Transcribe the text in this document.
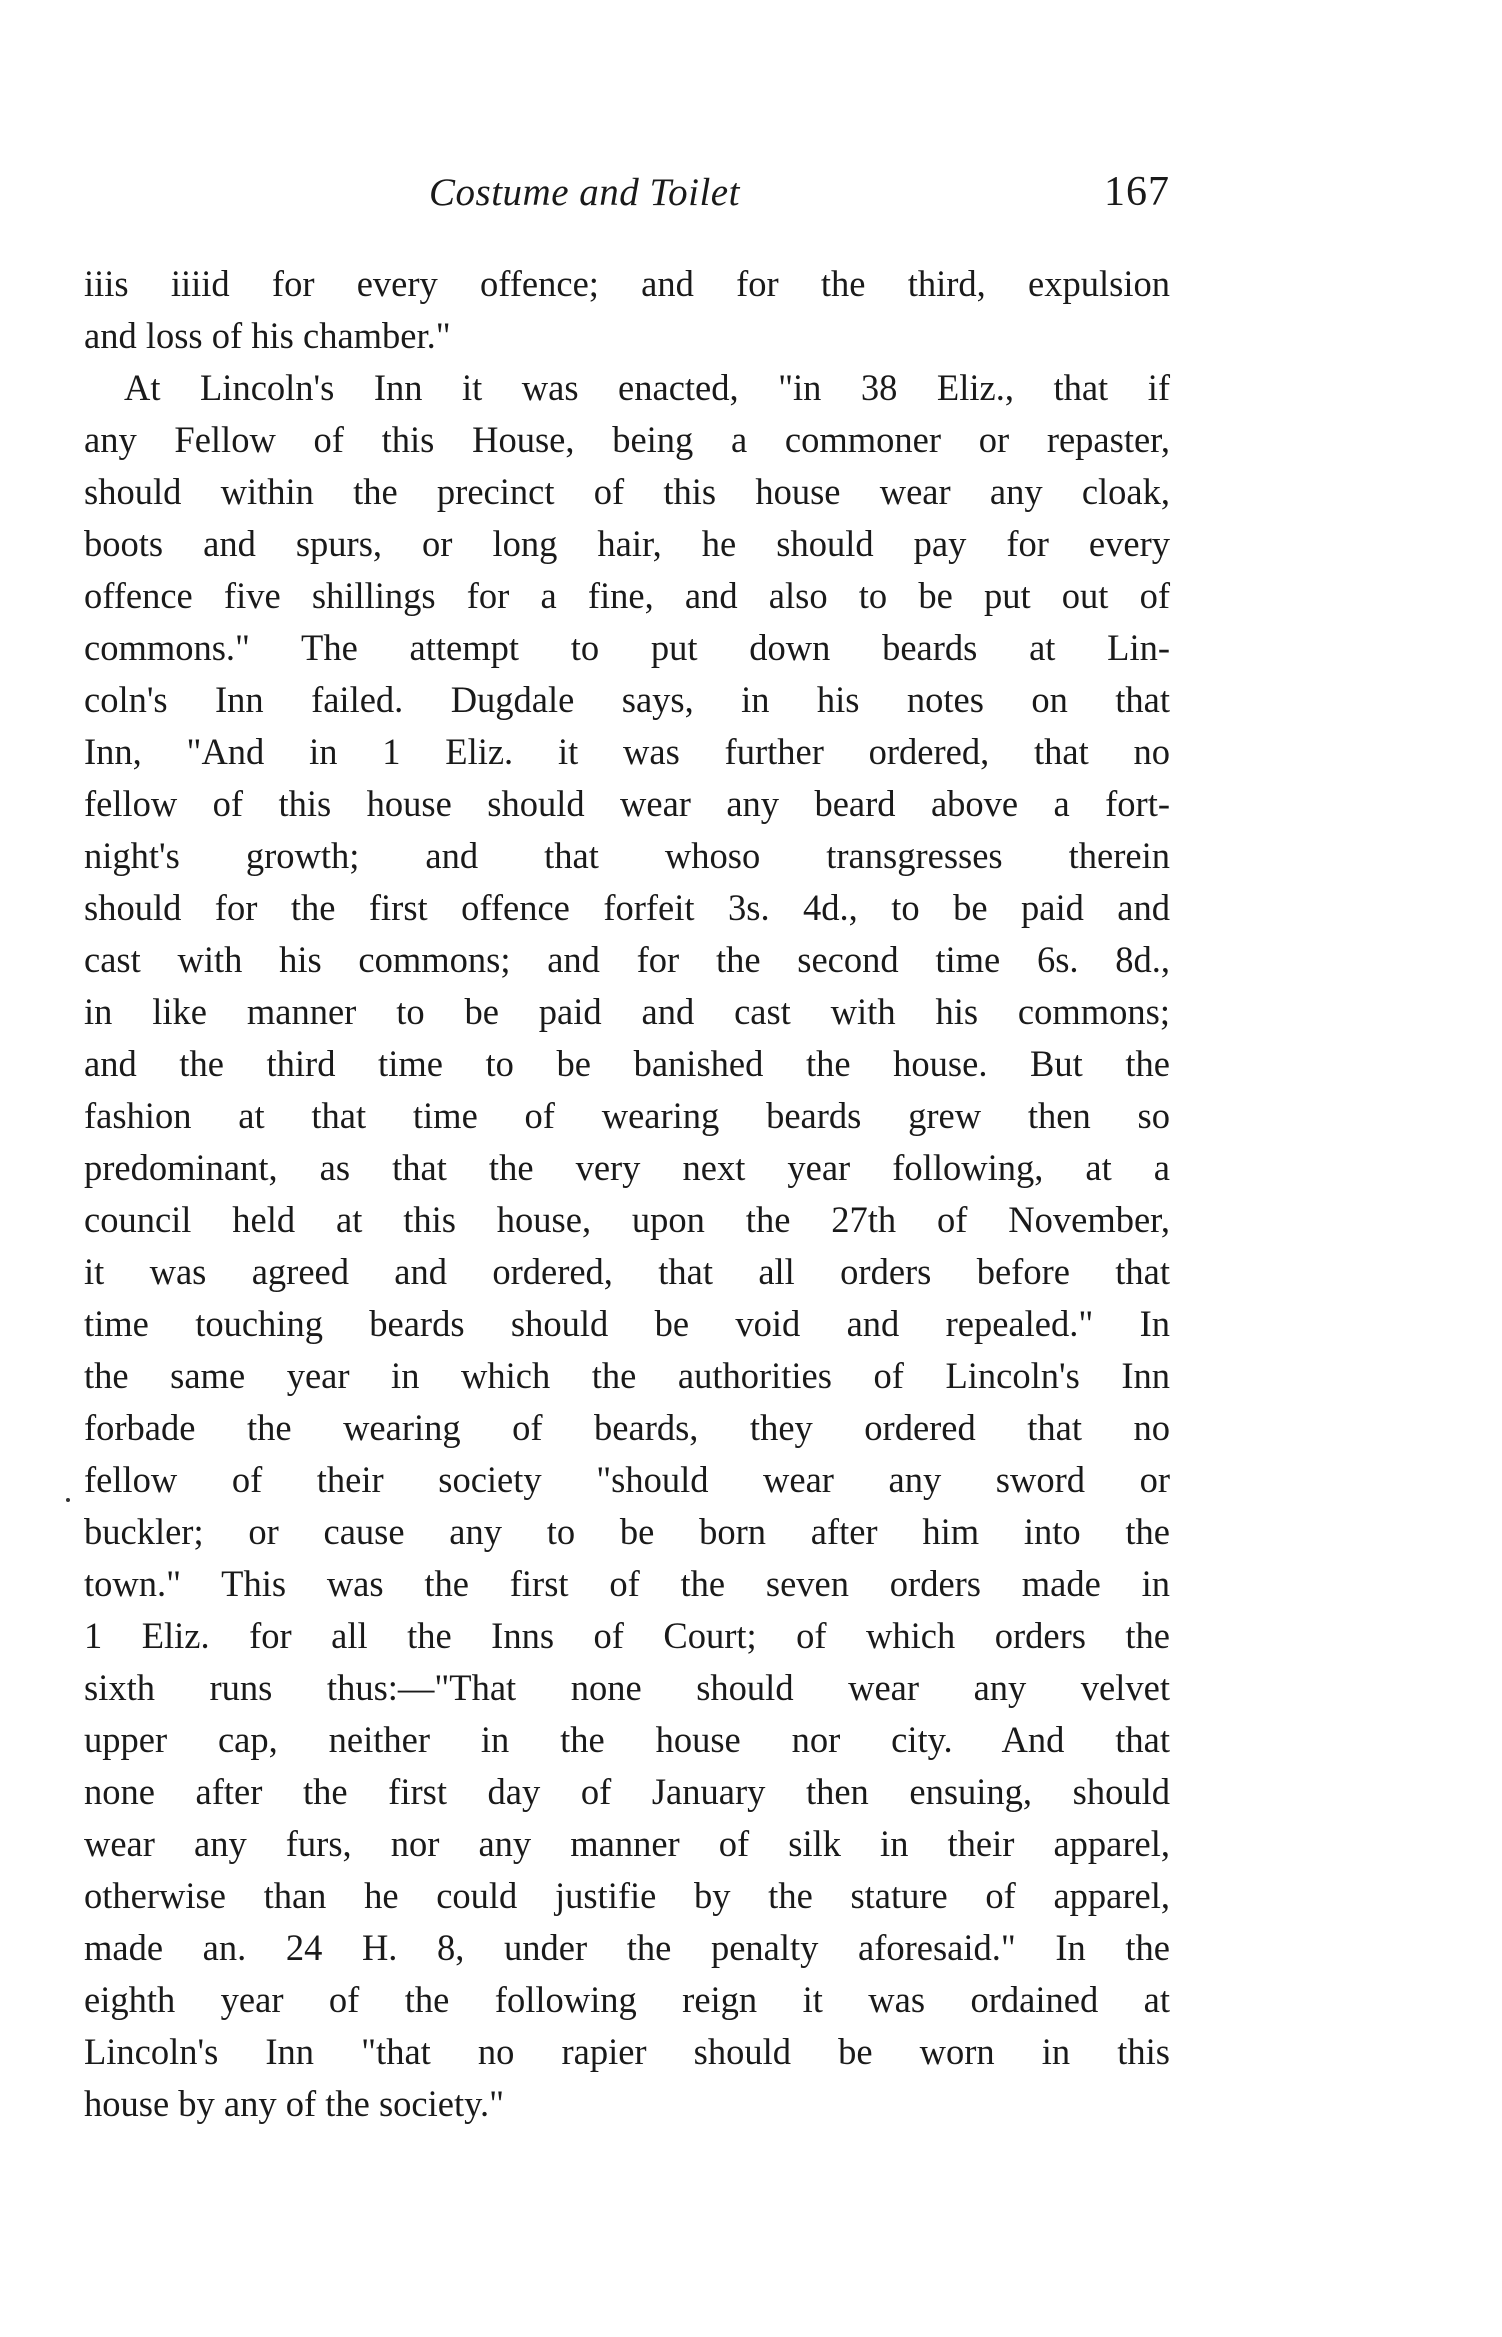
Costume and Toilet	167
iiis iiiid for every offence; and for the third, expulsion
and loss of his chamber."
At Lincoln's Inn it was enacted, "in 38 Eliz., that if
any Fellow of this House, being a commoner or repaster,
should within the precinct of this house wear any cloak,
boots and spurs, or long hair, he should pay for every
offence five shillings for a fine, and also to be put out of
commons." The attempt to put down beards at Lin-
coln's Inn failed. Dugdale says, in his notes on that
Inn, "And in 1 Eliz. it was further ordered, that no
fellow of this house should wear any beard above a fort-
night's growth; and that whoso transgresses therein
should for the first offence forfeit 3s. 4d., to be paid and
cast with his commons; and for the second time 6s. 8d.,
in like manner to be paid and cast with his commons;
and the third time to be banished the house. But the
fashion at that time of wearing beards grew then so
predominant, as that the very next year following, at a
council held at this house, upon the 27th of November,
it was agreed and ordered, that all orders before that
time touching beards should be void and repealed." In
the same year in which the authorities of Lincoln's Inn
forbade the wearing of beards, they ordered that no
fellow of their society "should wear any sword or
buckler; or cause any to be born after him into the
town." This was the first of the seven orders made in
1 Eliz. for all the Inns of Court; of which orders the
sixth runs thus:—"That none should wear any velvet
upper cap, neither in the house nor city. And that
none after the first day of January then ensuing, should
wear any furs, nor any manner of silk in their apparel,
otherwise than he could justifie by the stature of apparel,
made an. 24 H. 8, under the penalty aforesaid." In the
eighth year of the following reign it was ordained at
Lincoln's Inn "that no rapier should be worn in this
house by any of the society."
